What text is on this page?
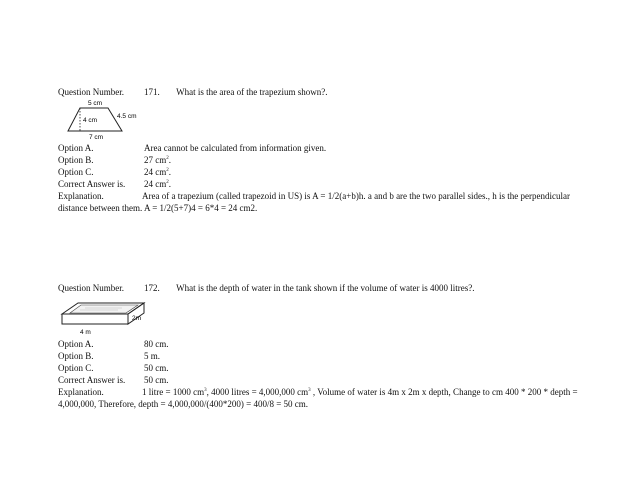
Question Number. 171. What is the area of the trapezium shown?.
5 cm
4 cm
4.5 cm
7 cm
Option A.	Area cannot be calculated from information given.
Option B.	27 $cm^2$.
Option C.	24 $cm^2$.
Correct Answer is. 24 $cm^2$.
Explanation.	Area of a trapezium (called trapezoid in US) is A = 1/2(a+b)h. a and b are the two parallel sides., h is the perpendicular distance between them. A = 1/2(5+7)4 = 6*4 = 24 cm2.
Question Number. 172. What is the depth of water in the tank shown if the volume of water is 4000 litres?.
2m
4 m
Option A.	80 cm.
Option B.	5 m.
Option C.	50 cm.
Correct Answer is. 50 cm.
Explanation.	1 litre = 1000 $cm^3$, 4000 litres = 4,000,000 $cm^3$ , Volume of water is 4m x 2m x depth, Change to cm 400 * 200 * depth = 4,000,000, Therefore, depth = 4,000,000/(400*200) = 400/8 = 50 cm.
